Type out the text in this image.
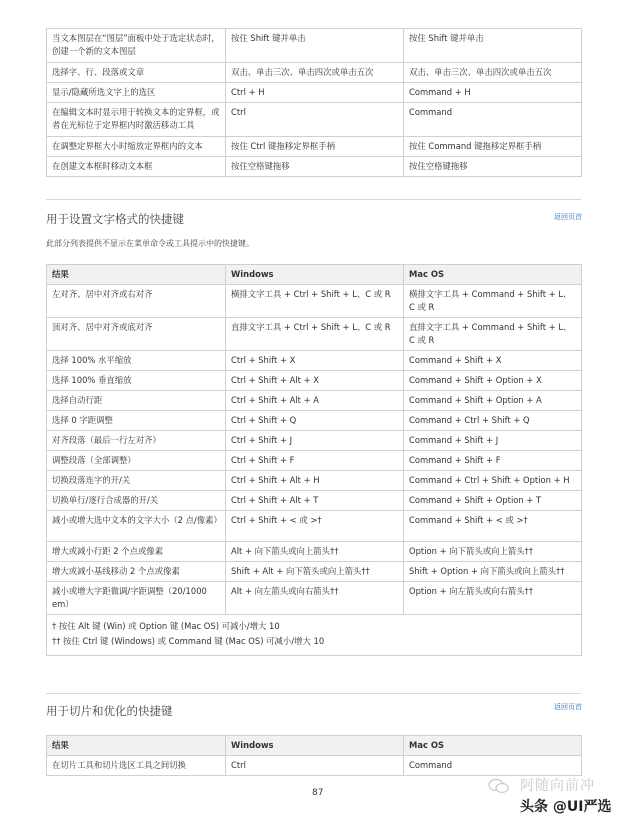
当文本图层在“图层”面板中处于选定状态时，创建一个新的文本图层	按住 Shift 键并单击	按住 Shift 键并单击
选择字、行、段落或文章	双击、单击三次、单击四次或单击五次	双击、单击三次、单击四次或单击五次
显示/隐藏所选文字上的选区	Ctrl + H	Command + H
在编辑文本时显示用于转换文本的定界框，或者在光标位于定界框内时激活移动工具	Ctrl	Command
在调整定界框大小时缩放定界框内的文本	按住 Ctrl 键拖移定界框手柄	按住 Command 键拖移定界框手柄
在创建文本框时移动文本框	按住空格键拖移	按住空格键拖移
用于设置文字格式的快捷键	返回页首
此部分列表提供不显示在菜单命令或工具提示中的快捷键。
结果	Windows	Mac OS
左对齐、居中对齐或右对齐	横排文字工具 + Ctrl + Shift + L、C 或 R	横排文字工具 + Command + Shift + L、C 或 R
顶对齐、居中对齐或底对齐	直排文字工具 + Ctrl + Shift + L、C 或 R	直排文字工具 + Command + Shift + L、C 或 R
选择 100% 水平缩放	Ctrl + Shift + X	Command + Shift + X
选择 100% 垂直缩放	Ctrl + Shift + Alt + X	Command + Shift + Option + X
选择自动行距	Ctrl + Shift + Alt + A	Command + Shift + Option + A
选择 0 字距调整	Ctrl + Shift + Q	Command + Ctrl + Shift + Q
对齐段落（最后一行左对齐）	Ctrl + Shift + J	Command + Shift + J
调整段落（全部调整）	Ctrl + Shift + F	Command + Shift + F
切换段落连字的开/关	Ctrl + Shift + Alt + H	Command + Ctrl + Shift + Option + H
切换单行/逐行合成器的开/关	Ctrl + Shift + Alt + T	Command + Shift + Option + T
减小或增大选中文本的文字大小（2 点/像素）	Ctrl + Shift + < 或 >†	Command + Shift + < 或 >†
增大或减小行距 2 个点或像素	Alt + 向下箭头或向上箭头††	Option + 向下箭头或向上箭头††
增大或减小基线移动 2 个点或像素	Shift + Alt + 向下箭头或向上箭头††	Shift + Option + 向下箭头或向上箭头††
减小或增大字距微调/字距调整（20/1000 em）	Alt + 向左箭头或向右箭头††	Option + 向左箭头或向右箭头††

† 按住 Alt 键 (Win) 或 Option 键 (Mac OS) 可减小/增大 10
†† 按住 Ctrl 键 (Windows) 或 Command 键 (Mac OS) 可减小/增大 10		
用于切片和优化的快捷键	返回页首
结果	Windows	Mac OS
在切片工具和切片选区工具之间切换	Ctrl	Command
87	阿随向前冲
头条 @UI严选
